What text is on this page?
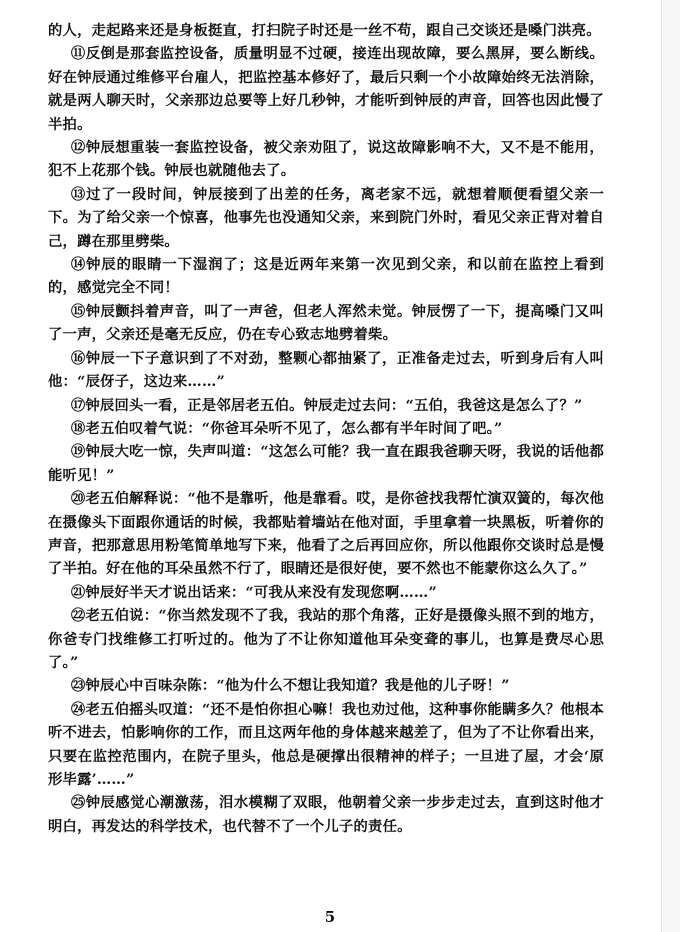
的人，走起路来还是身板挺直，打扫院子时还是一丝不苟，跟自己交谈还是嗓门洪亮。

⑪反倒是那套监控设备，质量明显不过硬，接连出现故障，要么黑屏，要么断线。好在钟辰通过维修平台雇人，把监控基本修好了，最后只剩一个小故障始终无法消除，就是两人聊天时，父亲那边总要等上好几秒钟，才能听到钟辰的声音，回答也因此慢了半拍。

⑫钟辰想重装一套监控设备，被父亲劝阻了，说这故障影响不大，又不是不能用，犯不上花那个钱。钟辰也就随他去了。

⑬过了一段时间，钟辰接到了出差的任务，离老家不远，就想着顺便看望父亲一下。为了给父亲一个惊喜，他事先也没通知父亲，来到院门外时，看见父亲正背对着自己，蹲在那里劈柴。

⑭钟辰的眼睛一下湿润了；这是近两年来第一次见到父亲，和以前在监控上看到的，感觉完全不同！

⑮钟辰颤抖着声音，叫了一声爸，但老人浑然未觉。钟辰愣了一下，提高嗓门又叫了一声，父亲还是毫无反应，仍在专心致志地劈着柴。

⑯钟辰一下子意识到了不对劲，整颗心都抽紧了，正准备走过去，听到身后有人叫他：“辰伢子，这边来……”

⑰钟辰回头一看，正是邻居老五伯。钟辰走过去问：“五伯，我爸这是怎么了？”

⑱老五伯叹着气说：“你爸耳朵听不见了，怎么都有半年时间了吧。”

⑲钟辰大吃一惊，失声叫道：“这怎么可能？我一直在跟我爸聊天呀，我说的话他都能听见！”

⑳老五伯解释说：“他不是靠听，他是靠看。哎，是你爸找我帮忙演双簧的，每次他在摄像头下面跟你通话的时候，我都贴着墙站在他对面，手里拿着一块黑板，听着你的声音，把那意思用粉笔简单地写下来，他看了之后再回应你，所以他跟你交谈时总是慢了半拍。好在他的耳朵虽然不行了，眼睛还是很好使，要不然也不能蒙你这么久了。”

㉑钟辰好半天才说出话来：“可我从来没有发现您啊……”

㉒老五伯说：“你当然发现不了我，我站的那个角落，正好是摄像头照不到的地方，你爸专门找维修工打听过的。他为了不让你知道他耳朵变聋的事儿，也算是费尽心思了。”

㉓钟辰心中百味杂陈：“他为什么不想让我知道？我是他的儿子呀！”

㉔老五伯摇头叹道：“还不是怕你担心嘛！我也劝过他，这种事你能瞒多久？他根本听不进去，怕影响你的工作，而且这两年他的身体越来越差了，但为了不让你看出来，只要在监控范围内，在院子里头，他总是硬撑出很精神的样子；一旦进了屋，才会‘原形毕露’……”

㉕钟辰感觉心潮激荡，泪水模糊了双眼，他朝着父亲一步步走过去，直到这时他才明白，再发达的科学技术，也代替不了一个儿子的责任。

5
